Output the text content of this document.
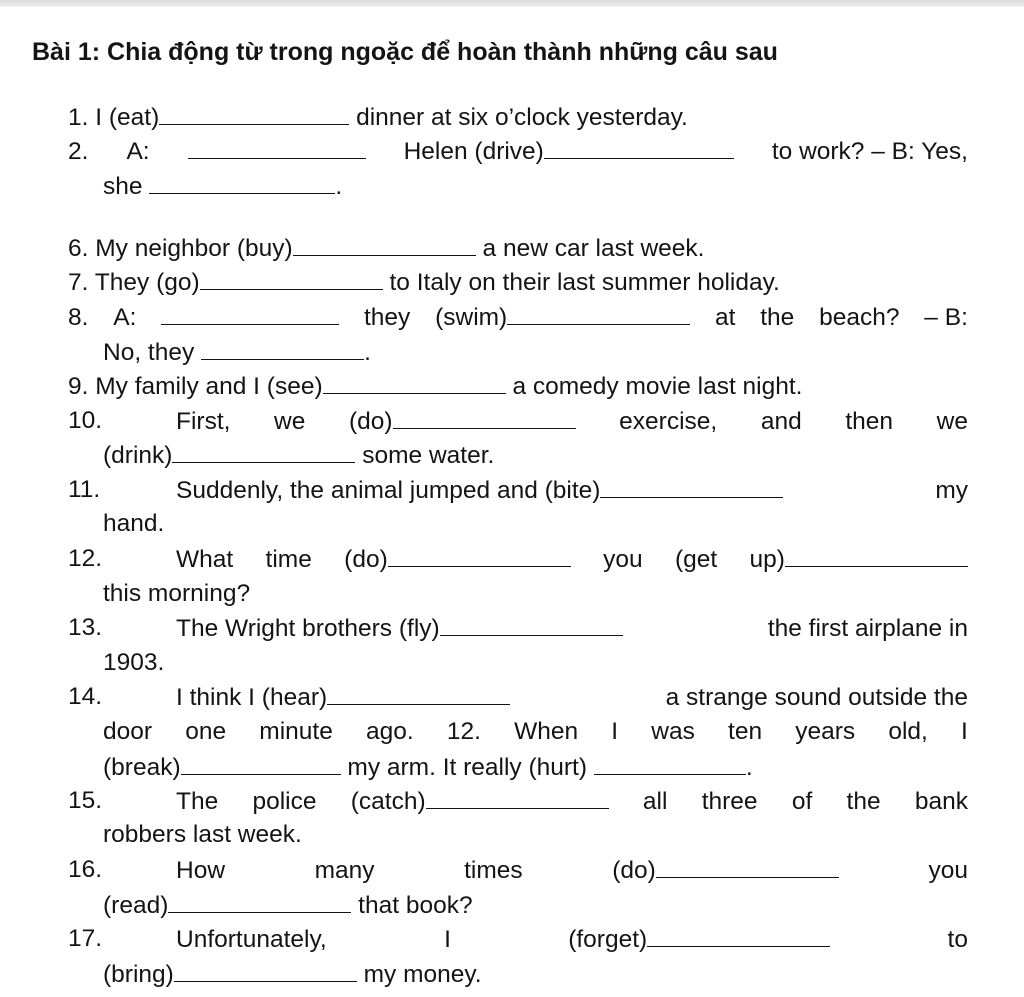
Bài 1: Chia động từ trong ngoặc để hoàn thành những câu sau
1. I (eat)	dinner at six o’clock yesterday.
2. A:	Helen (drive)	to work? – B: Yes,
she	.
6. My neighbor (buy)	a new car last week.
7. They (go)	to Italy on their last summer holiday.
8. A:	they (swim)	at the beach? – B:
No, they	.
9. My family and I (see)	a comedy movie last night.
10.	First, we (do)	exercise, and then we
(drink)	some water.
11.	Suddenly, the animal jumped and (bite)	my
hand.
12.	What time (do)	you (get up)
this morning?
13.	The Wright brothers (fly)	the first airplane in
1903.
14.	I think I (hear)	a strange sound outside the
door one minute ago. 12. When I was ten years old, I
(break)	my arm. It really (hurt)	.
15.	The police (catch)	all three of the bank
robbers last week.
16.	How	many	times	(do)	you
(read)	that book?
17.	Unfortunately,	I	(forget)	to
(bring)	my money.
